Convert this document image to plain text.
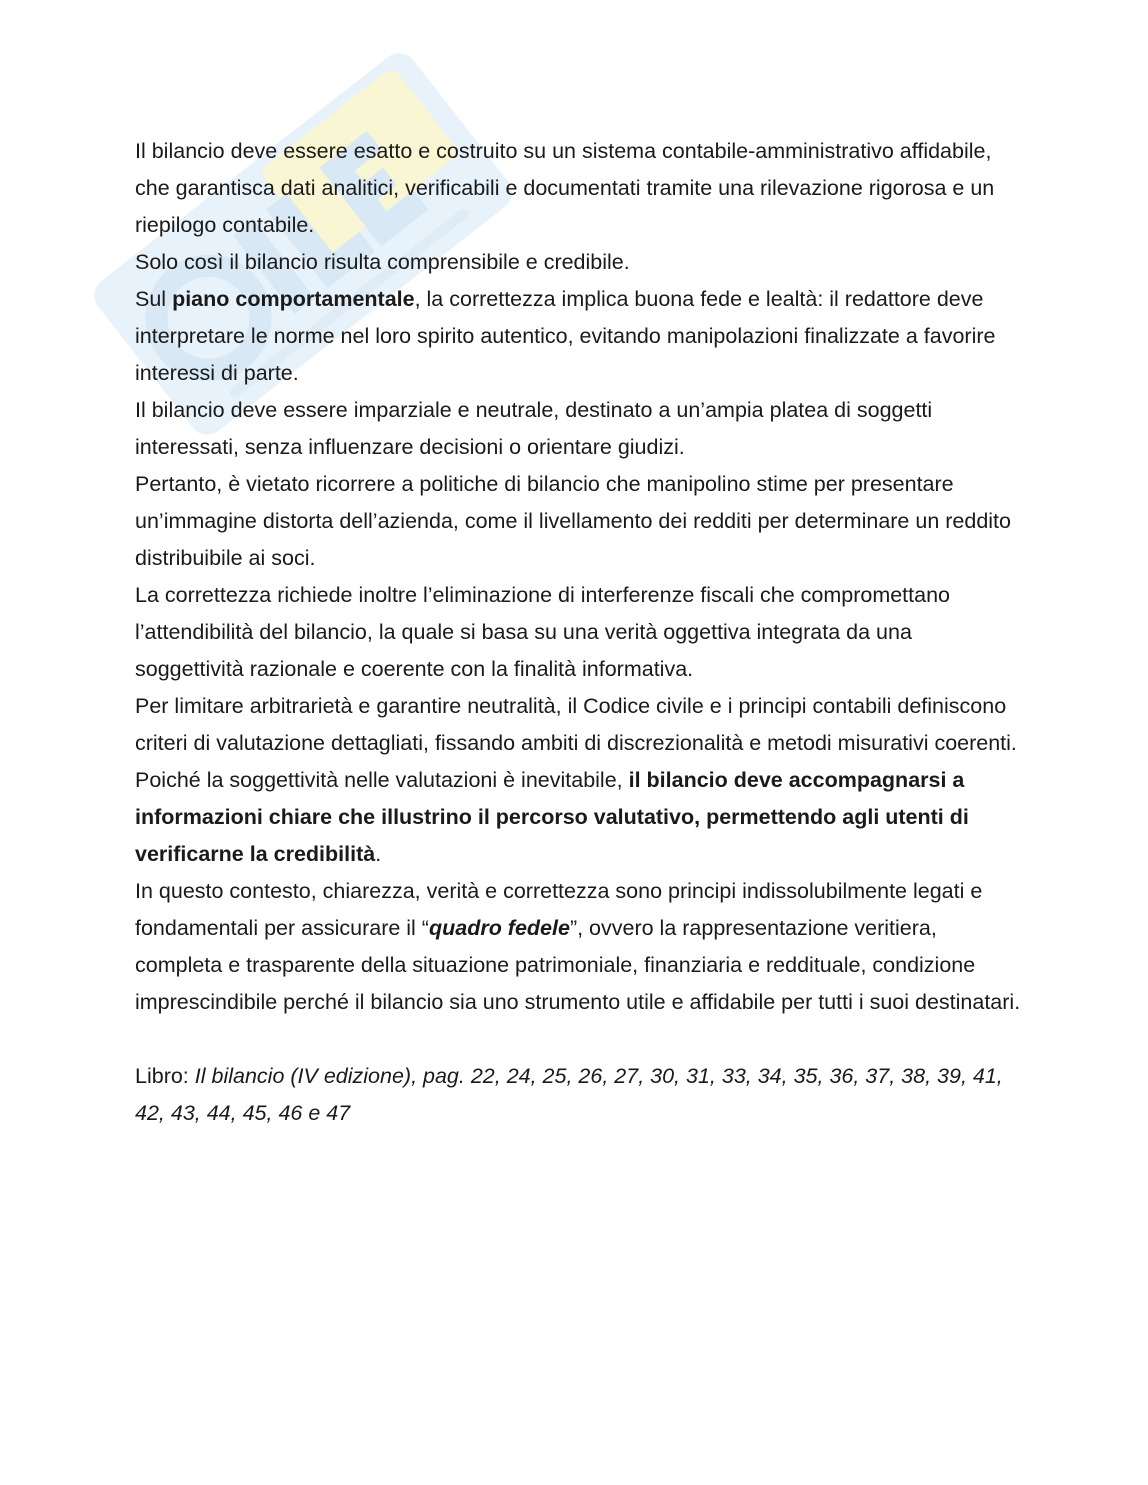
Il bilancio deve essere esatto e costruito su un sistema contabile-amministrativo affidabile, che garantisca dati analitici, verificabili e documentati tramite una rilevazione rigorosa e un riepilogo contabile.

Solo così il bilancio risulta comprensibile e credibile.

Sul piano comportamentale, la correttezza implica buona fede e lealtà: il redattore deve interpretare le norme nel loro spirito autentico, evitando manipolazioni finalizzate a favorire interessi di parte.

Il bilancio deve essere imparziale e neutrale, destinato a un’ampia platea di soggetti interessati, senza influenzare decisioni o orientare giudizi.

Pertanto, è vietato ricorrere a politiche di bilancio che manipolino stime per presentare un’immagine distorta dell’azienda, come il livellamento dei redditi per determinare un reddito distribuibile ai soci.

La correttezza richiede inoltre l’eliminazione di interferenze fiscali che compromettano l’attendibilità del bilancio, la quale si basa su una verità oggettiva integrata da una soggettività razionale e coerente con la finalità informativa.

Per limitare arbitrarietà e garantire neutralità, il Codice civile e i principi contabili definiscono criteri di valutazione dettagliati, fissando ambiti di discrezionalità e metodi misurativi coerenti.

Poiché la soggettività nelle valutazioni è inevitabile, il bilancio deve accompagnarsi a informazioni chiare che illustrino il percorso valutativo, permettendo agli utenti di verificarne la credibilità.

In questo contesto, chiarezza, verità e correttezza sono principi indissolubilmente legati e fondamentali per assicurare il “quadro fedele”, ovvero la rappresentazione veritiera, completa e trasparente della situazione patrimoniale, finanziaria e reddituale, condizione imprescindibile perché il bilancio sia uno strumento utile e affidabile per tutti i suoi destinatari.

Libro: Il bilancio (IV edizione), pag. 22, 24, 25, 26, 27, 30, 31, 33, 34, 35, 36, 37, 38, 39, 41, 42, 43, 44, 45, 46 e 47
